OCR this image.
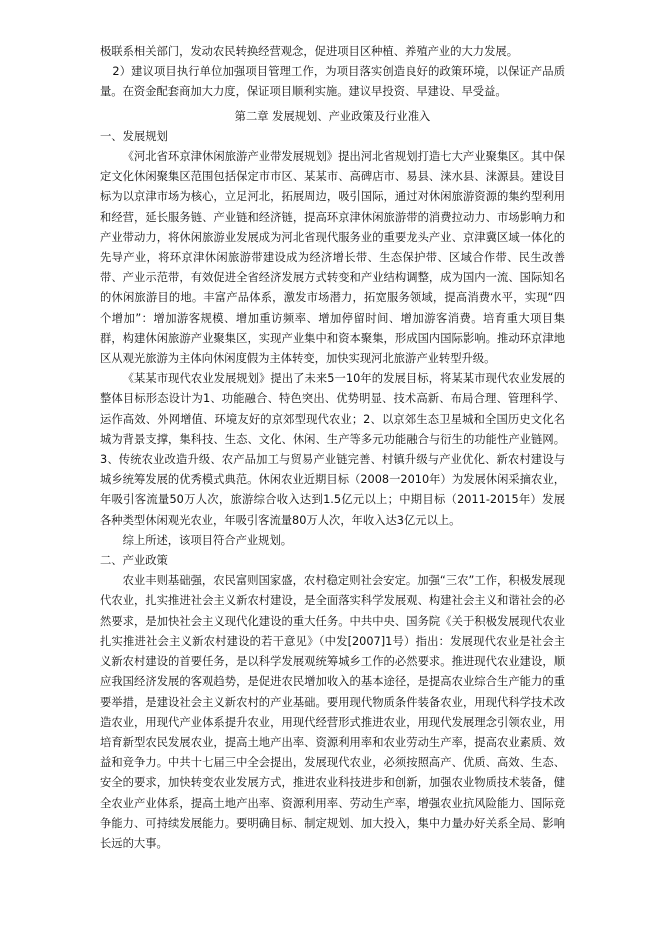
极联系相关部门，发动农民转换经营观念，促进项目区种植、养殖产业的大力发展。

2）建议项目执行单位加强项目管理工作，为项目落实创造良好的政策环境，以保证产品质量。在资金配套商加大力度，保证项目顺利实施。建议早投资、早建设、早受益。

第二章 发展规划、产业政策及行业准入

一、发展规划

《河北省环京津休闲旅游产业带发展规划》提出河北省规划打造七大产业聚集区。其中保定文化休闲聚集区范围包括保定市市区、某某市、高碑店市、易县、涞水县、涞源县。建设目标为以京津市场为核心，立足河北，拓展周边，吸引国际，通过对休闲旅游资源的集约型利用和经营，延长服务链、产业链和经济链，提高环京津休闲旅游带的消费拉动力、市场影响力和产业带动力，将休闲旅游业发展成为河北省现代服务业的重要龙头产业、京津冀区域一体化的先导产业，将环京津休闲旅游带建设成为经济增长带、生态保护带、区域合作带、民生改善带、产业示范带，有效促进全省经济发展方式转变和产业结构调整，成为国内一流、国际知名的休闲旅游目的地。丰富产品体系，激发市场潜力，拓宽服务领域，提高消费水平，实现“四个增加”：增加游客规模、增加重访频率、增加停留时间、增加游客消费。培育重大项目集群，构建休闲旅游产业聚集区，实现产业集中和资本聚集，形成国内国际影响。推动环京津地区从观光旅游为主体向休闲度假为主体转变，加快实现河北旅游产业转型升级。

《某某市现代农业发展规划》提出了未来5一10年的发展目标，将某某市现代农业发展的整体目标形态设计为1、功能融合、特色突出、优势明显、技术高新、布局合理、管理科学、运作高效、外网增值、环境友好的京郊型现代农业；2、以京郊生态卫星城和全国历史文化名城为背景支撑，集科技、生态、文化、休闲、生产等多元功能融合与衍生的功能性产业链网。3、传统农业改造升级、农产品加工与贸易产业链完善、村镇升级与产业优化、新农村建设与城乡统筹发展的优秀模式典范。休闲农业近期目标（2008一2010年）为发展休闲采摘农业，年吸引客流量50万人次，旅游综合收入达到1.5亿元以上；中期目标（2011-2015年）发展各种类型休闲观光农业，年吸引客流量80万人次，年收入达3亿元以上。

综上所述，该项目符合产业规划。

二、产业政策

农业丰则基础强，农民富则国家盛，农村稳定则社会安定。加强“三农”工作，积极发展现代农业，扎实推进社会主义新农村建设，是全面落实科学发展观、构建社会主义和谐社会的必然要求，是加快社会主义现代化建设的重大任务。中共中央、国务院《关于积极发展现代农业扎实推进社会主义新农村建设的若干意见》（中发[2007]1号）指出：发展现代农业是社会主义新农村建设的首要任务，是以科学发展观统筹城乡工作的必然要求。推进现代农业建设，顺应我国经济发展的客观趋势，是促进农民增加收入的基本途径，是提高农业综合生产能力的重要举措，是建设社会主义新农村的产业基础。要用现代物质条件装备农业，用现代科学技术改造农业，用现代产业体系提升农业，用现代经营形式推进农业，用现代发展理念引领农业，用培育新型农民发展农业，提高土地产出率、资源利用率和农业劳动生产率，提高农业素质、效益和竞争力。中共十七届三中全会提出，发展现代农业，必须按照高产、优质、高效、生态、安全的要求，加快转变农业发展方式，推进农业科技进步和创新，加强农业物质技术装备，健全农业产业体系，提高土地产出率、资源利用率、劳动生产率，增强农业抗风险能力、国际竞争能力、可持续发展能力。要明确目标、制定规划、加大投入，集中力量办好关系全局、影响长远的大事。
